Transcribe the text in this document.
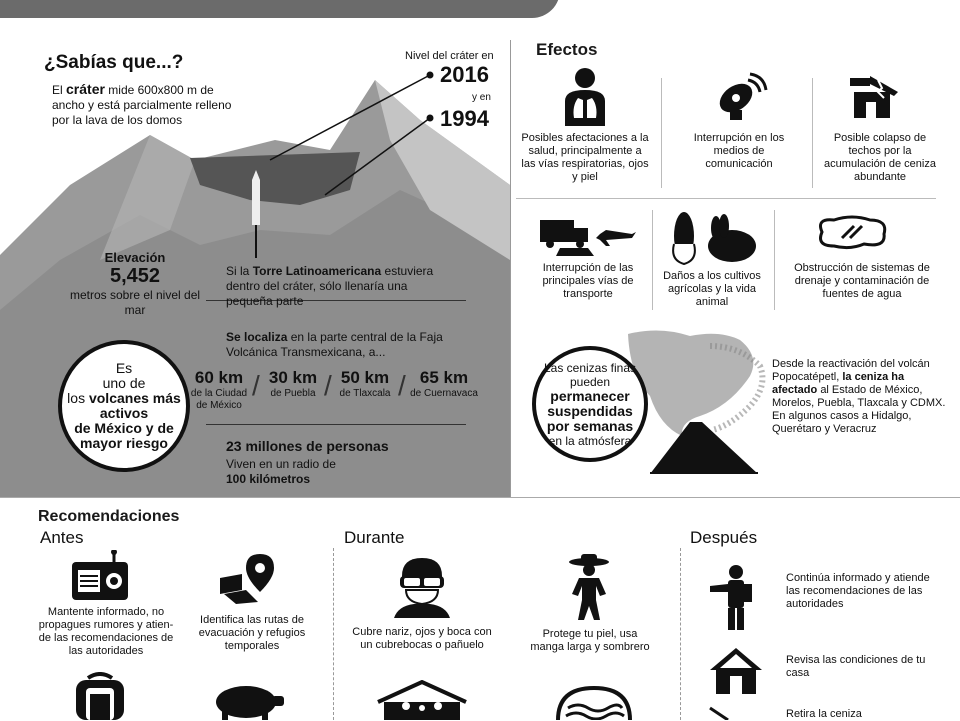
¿Sabías que...?
El cráter mide 600x800 m de ancho y está parcialmente relleno por la lava de los domos
Nivel del cráter en
2016
y en
1994
Elevación
5,452
metros sobre el nivel del mar
Si la Torre Latinoamericana estuviera dentro del cráter, sólo llenaría una pequeña parte
Se localiza en la parte central de la Faja Volcánica Transmexicana, a...
60 km
de la Ciudad de México
/ 30 km
de Puebla / 50 km
de Tlaxcala / 65 km
de Cuernavaca
23 millones de personas
Viven en un radio de
100 kilómetros
Es
uno de
los volcanes más activos
de México y de mayor riesgo
Efectos
Posibles afectaciones a la salud, principalmente a las vías respiratorias, ojos y piel
Interrupción en los medios de comunicación
Posible colapso de techos por la acumulación de ceniza abundante
Interrupción de las principales vías de transporte
Daños a los cultivos agrícolas y la vida animal
Obstrucción de sistemas de drenaje y contaminación de fuentes de agua
Las cenizas finas pueden
permanecer suspendidas por semanas
en la atmósfera
Desde la reactivación del volcán Popocatépetl, la ceniza ha afectado al Estado de México, Morelos, Puebla, Tlaxcala y CDMX.
En algunos casos a Hidalgo, Querétaro y Veracruz
Recomendaciones
Antes	Durante	Después
Mantente informado, no propagues rumores y atien- de las recomendaciones de las autoridades
Identifica las rutas de evacuación y refugios temporales
Cubre nariz, ojos y boca con un cubrebocas o pañuelo
Protege tu piel, usa manga larga y sombrero
Continúa informado y atiende las recomendaciones de las autoridades
Revisa las condiciones de tu casa
Retira la ceniza
